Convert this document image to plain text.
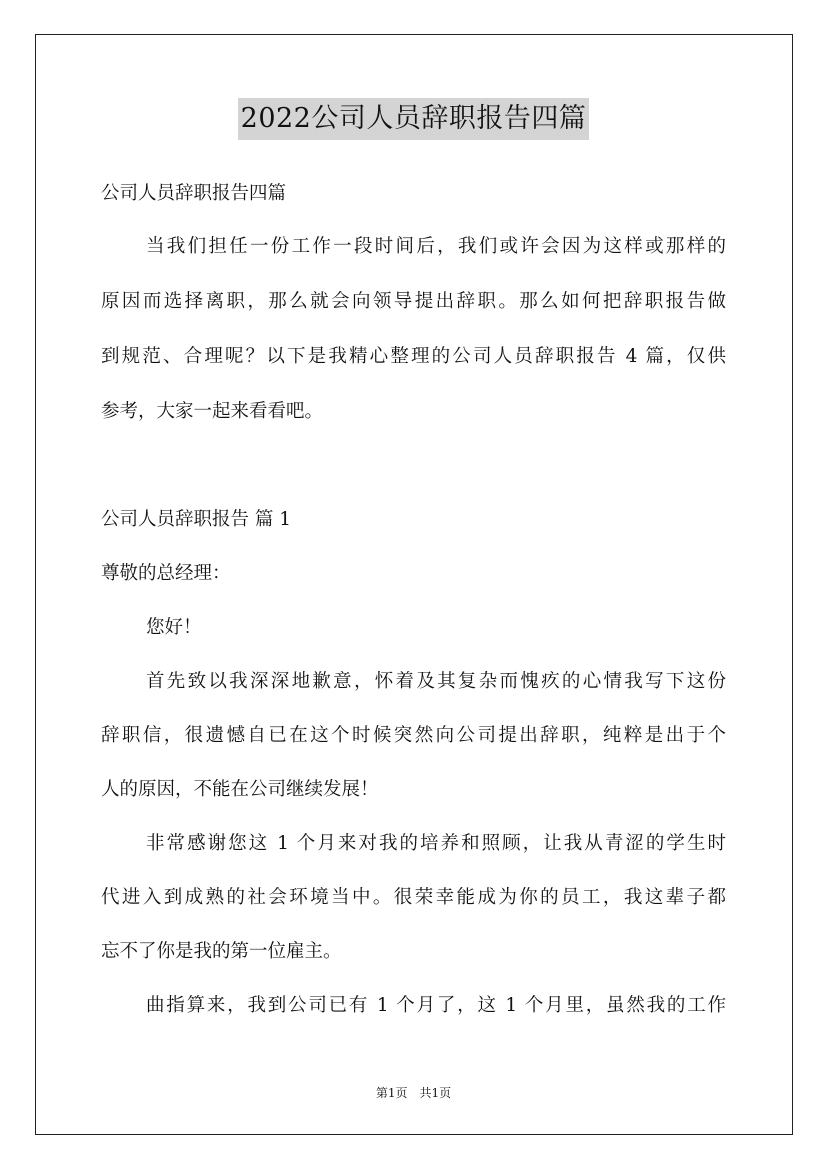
2022公司人员辞职报告四篇
公司人员辞职报告四篇
当我们担任一份工作一段时间后，我们或许会因为这样或那样的
原因而选择离职，那么就会向领导提出辞职。那么如何把辞职报告做
到规范、合理呢？以下是我精心整理的公司人员辞职报告 4 篇，仅供
参考，大家一起来看看吧。
公司人员辞职报告 篇 1
尊敬的总经理：
您好！
首先致以我深深地歉意，怀着及其复杂而愧疚的心情我写下这份
辞职信，很遗憾自已在这个时候突然向公司提出辞职，纯粹是出于个
人的原因，不能在公司继续发展！
非常感谢您这 1 个月来对我的培养和照顾，让我从青涩的学生时
代进入到成熟的社会环境当中。很荣幸能成为你的员工，我这辈子都
忘不了你是我的第一位雇主。
曲指算来，我到公司已有 1 个月了，这 1 个月里，虽然我的工作
第1页　共1页
